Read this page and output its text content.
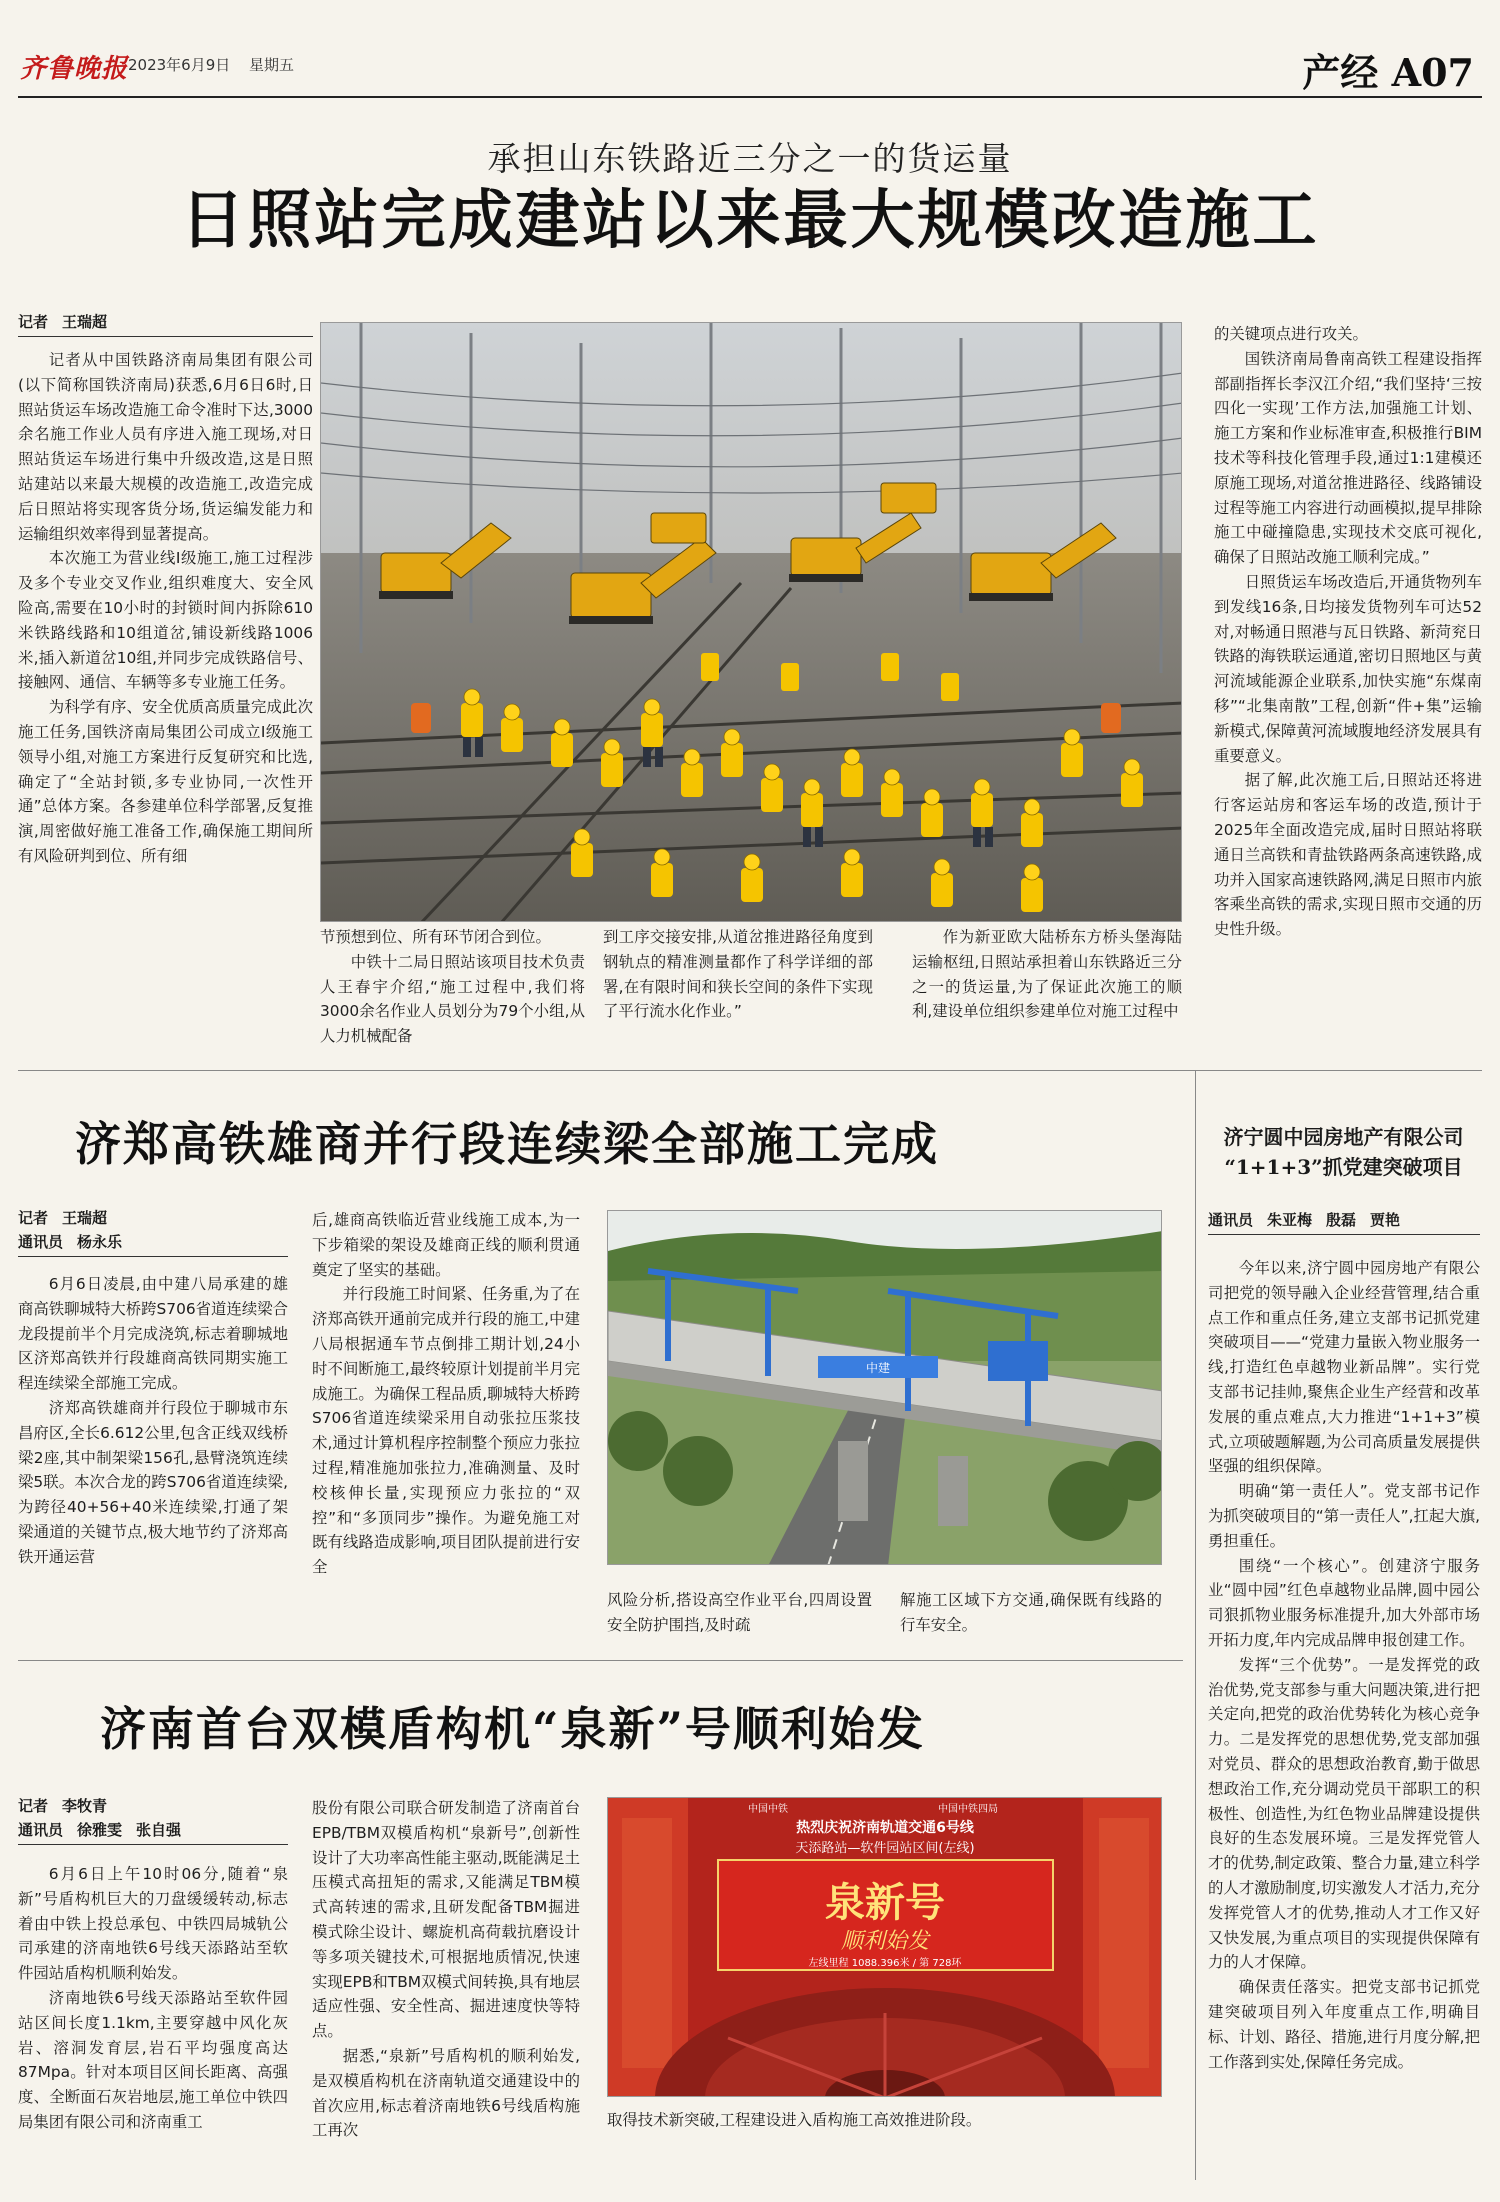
齐鲁晚报 2023年6月9日 星期五	产经 A07
承担山东铁路近三分之一的货运量
日照站完成建站以来最大规模改造施工
记者 王瑞超

记者从中国铁路济南局集团有限公司(以下简称国铁济南局)获悉,6月6日6时,日照站货运车场改造施工命令准时下达,3000余名施工作业人员有序进入施工现场,对日照站货运车场进行集中升级改造,这是日照站建站以来最大规模的改造施工,改造完成后日照站将实现客货分场,货运编发能力和运输组织效率得到显著提高。

本次施工为营业线Ⅰ级施工,施工过程涉及多个专业交叉作业,组织难度大、安全风险高,需要在10小时的封锁时间内拆除610米铁路线路和10组道岔,铺设新线路1006米,插入新道岔10组,并同步完成铁路信号、接触网、通信、车辆等多专业施工任务。

为科学有序、安全优质高质量完成此次施工任务,国铁济南局集团公司成立Ⅰ级施工领导小组,对施工方案进行反复研究和比选,确定了“全站封锁,多专业协同,一次性开通”总体方案。各参建单位科学部署,反复推演,周密做好施工准备工作,确保施工期间所有风险研判到位、所有细

节预想到位、所有环节闭合到位。

中铁十二局日照站该项目技术负责人王春宇介绍,“施工过程中,我们将3000余名作业人员划分为79个小组,从人力机械配备

到工序交接安排,从道岔推进路径角度到钢轨点的精准测量都作了科学详细的部署,在有限时间和狭长空间的条件下实现了平行流水化作业。”

作为新亚欧大陆桥东方桥头堡海陆运输枢纽,日照站承担着山东铁路近三分之一的货运量,为了保证此次施工的顺利,建设单位组织参建单位对施工过程中

的关键项点进行攻关。

国铁济南局鲁南高铁工程建设指挥部副指挥长李汉江介绍,“我们坚持‘三按四化一实现’工作方法,加强施工计划、施工方案和作业标准审查,积极推行BIM技术等科技化管理手段,通过1:1建模还原施工现场,对道岔推进路径、线路铺设过程等施工内容进行动画模拟,提早排除施工中碰撞隐患,实现技术交底可视化,确保了日照站改施工顺利完成。”

日照货运车场改造后,开通货物列车到发线16条,日均接发货物列车可达52对,对畅通日照港与瓦日铁路、新菏兖日铁路的海铁联运通道,密切日照地区与黄河流域能源企业联系,加快实施“东煤南移”“北集南散”工程,创新“件+集”运输新模式,保障黄河流域腹地经济发展具有重要意义。

据了解,此次施工后,日照站还将进行客运站房和客运车场的改造,预计于2025年全面改造完成,届时日照站将联通日兰高铁和青盐铁路两条高速铁路,成功并入国家高速铁路网,满足日照市内旅客乘坐高铁的需求,实现日照市交通的历史性升级。

济郑高铁雄商并行段连续梁全部施工完成
记者 王瑞超
通讯员 杨永乐

6月6日凌晨,由中建八局承建的雄商高铁聊城特大桥跨S706省道连续梁合龙段提前半个月完成浇筑,标志着聊城地区济郑高铁并行段雄商高铁同期实施工程连续梁全部施工完成。

济郑高铁雄商并行段位于聊城市东昌府区,全长6.612公里,包含正线双线桥梁2座,其中制架梁156孔,悬臂浇筑连续梁5联。本次合龙的跨S706省道连续梁,为跨径40+56+40米连续梁,打通了架梁通道的关键节点,极大地节约了济郑高铁开通运营

后,雄商高铁临近营业线施工成本,为一下步箱梁的架设及雄商正线的顺利贯通奠定了坚实的基础。

并行段施工时间紧、任务重,为了在济郑高铁开通前完成并行段的施工,中建八局根据通车节点倒排工期计划,24小时不间断施工,最终较原计划提前半月完成施工。为确保工程品质,聊城特大桥跨S706省道连续梁采用自动张拉压浆技术,通过计算机程序控制整个预应力张拉过程,精准施加张拉力,准确测量、及时校核伸长量,实现预应力张拉的“双控”和“多顶同步”操作。为避免施工对既有线路造成影响,项目团队提前进行安全

中建

风险分析,搭设高空作业平台,四周设置安全防护围挡,及时疏

解施工区域下方交通,确保既有线路的行车安全。

济南首台双模盾构机“泉新”号顺利始发
记者 李牧青
通讯员 徐雅雯 张自强

6月6日上午10时06分,随着“泉新”号盾构机巨大的刀盘缓缓转动,标志着由中铁上投总承包、中铁四局城轨公司承建的济南地铁6号线天添路站至软件园站盾构机顺利始发。

济南地铁6号线天添路站至软件园站区间长度1.1km,主要穿越中风化灰岩、溶洞发育层,岩石平均强度高达87Mpa。针对本项目区间长距离、高强度、全断面石灰岩地层,施工单位中铁四局集团有限公司和济南重工

股份有限公司联合研发制造了济南首台EPB/TBM双模盾构机“泉新号”,创新性设计了大功率高性能主驱动,既能满足土压模式高扭矩的需求,又能满足TBM模式高转速的需求,且研发配备TBM掘进模式除尘设计、螺旋机高荷载抗磨设计等多项关键技术,可根据地质情况,快速实现EPB和TBM双模式间转换,具有地层适应性强、安全性高、掘进速度快等特点。

据悉,“泉新”号盾构机的顺利始发,是双模盾构机在济南轨道交通建设中的首次应用,标志着济南地铁6号线盾构施工再次

中国中铁	中国中铁四局
热烈庆祝济南轨道交通6号线
天添路站—软件园站区间(左线)
泉新号
顺利始发
左线里程 1088.396米 / 第 728环

取得技术新突破,工程建设进入盾构施工高效推进阶段。

济宁圆中园房地产有限公司
“1+1+3”抓党建突破项目
通讯员 朱亚梅 殷磊 贾艳

今年以来,济宁圆中园房地产有限公司把党的领导融入企业经营管理,结合重点工作和重点任务,建立支部书记抓党建突破项目——“党建力量嵌入物业服务一线,打造红色卓越物业新品牌”。实行党支部书记挂帅,聚焦企业生产经营和改革发展的重点难点,大力推进“1+1+3”模式,立项破题解题,为公司高质量发展提供坚强的组织保障。

明确“第一责任人”。党支部书记作为抓突破项目的“第一责任人”,扛起大旗,勇担重任。

围绕“一个核心”。创建济宁服务业“圆中园”红色卓越物业品牌,圆中园公司狠抓物业服务标准提升,加大外部市场开拓力度,年内完成品牌申报创建工作。

发挥“三个优势”。一是发挥党的政治优势,党支部参与重大问题决策,进行把关定向,把党的政治优势转化为核心竞争力。二是发挥党的思想优势,党支部加强对党员、群众的思想政治教育,勤于做思想政治工作,充分调动党员干部职工的积极性、创造性,为红色物业品牌建设提供良好的生态发展环境。三是发挥党管人才的优势,制定政策、整合力量,建立科学的人才激励制度,切实激发人才活力,充分发挥党管人才的优势,推动人才工作又好又快发展,为重点项目的实现提供保障有力的人才保障。

确保责任落实。把党支部书记抓党建突破项目列入年度重点工作,明确目标、计划、路径、措施,进行月度分解,把工作落到实处,保障任务完成。
